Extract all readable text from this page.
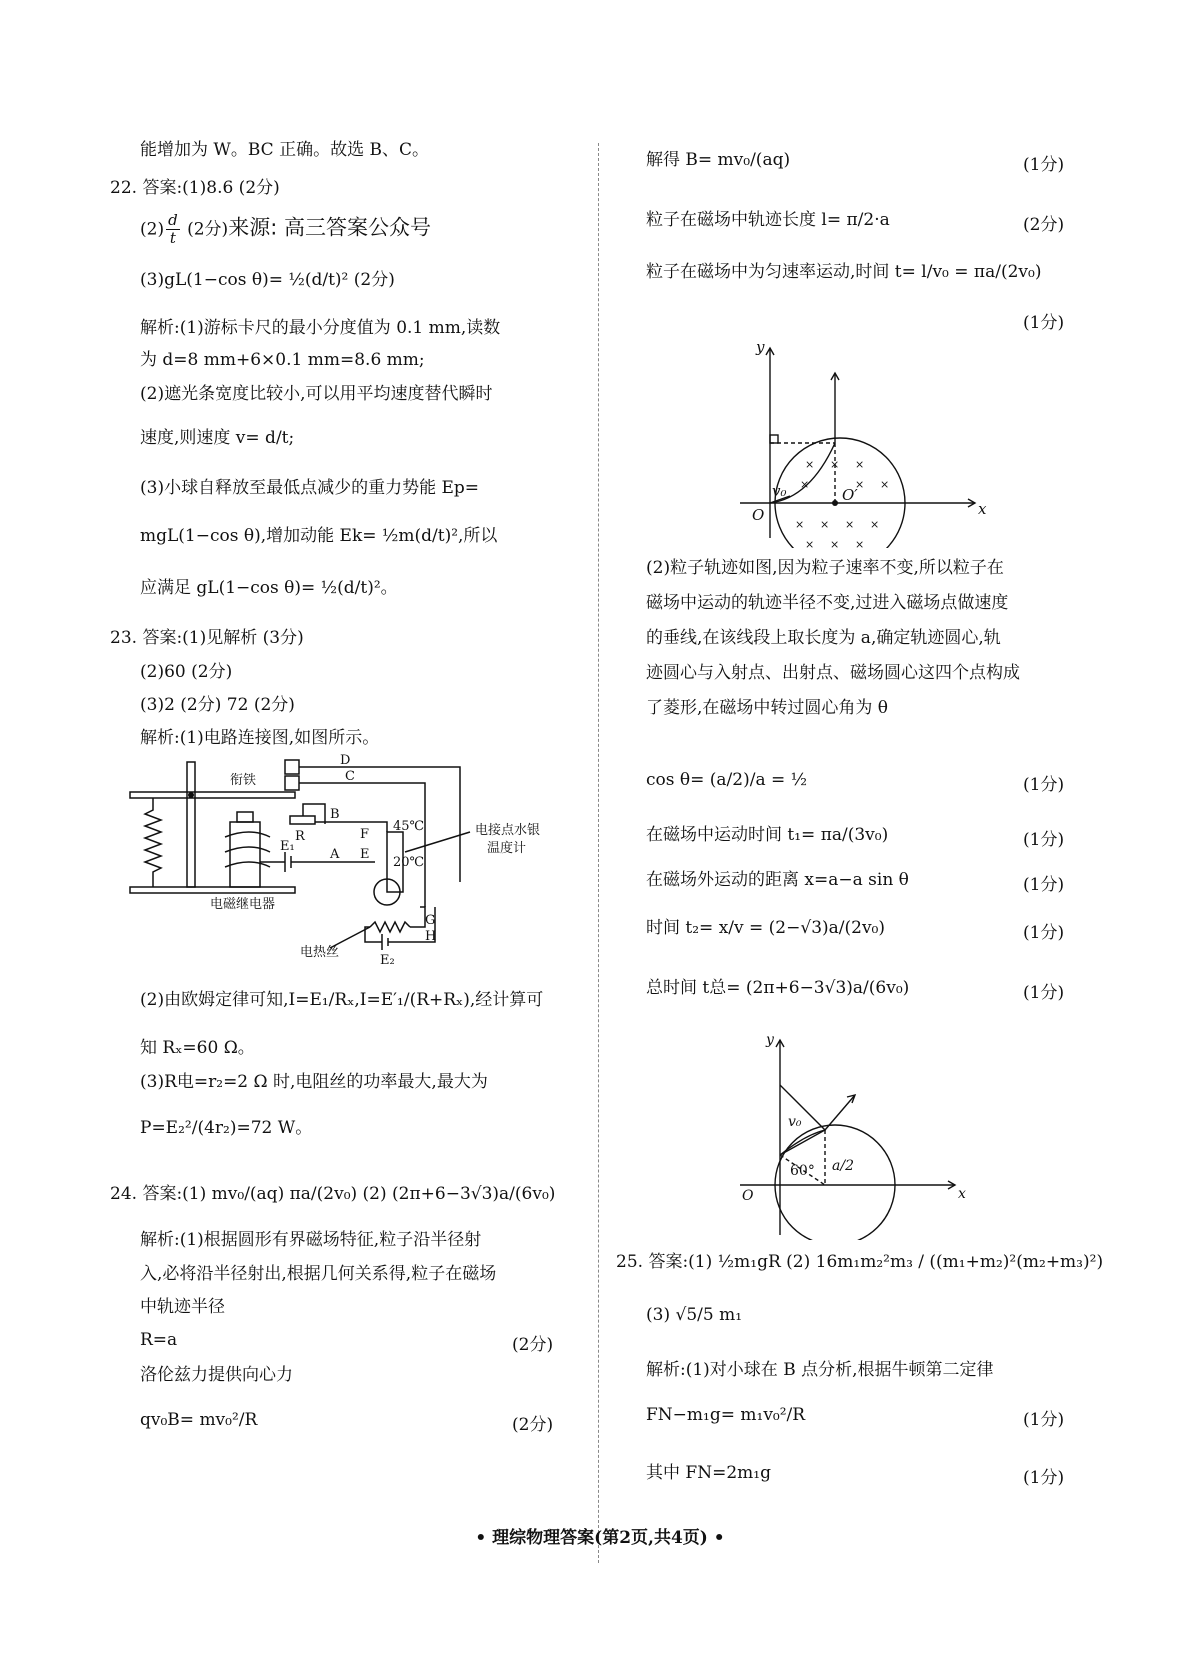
能增加为 W。BC 正确。故选 B、C。
22. 答案:(1)8.6 (2分)
$(2) \frac{d}{t} (2$分)来源: 高三答案公众号
(3)gL(1−cos θ)= ½(d/t)² (2分)
解析:(1)游标卡尺的最小分度值为 0.1 mm,读数
为 d=8 mm+6×0.1 mm=8.6 mm;
(2)遮光条宽度比较小,可以用平均速度替代瞬时
速度,则速度 v= d/t;
(3)小球自释放至最低点减少的重力势能 Ep=
mgL(1−cos θ),增加动能 Ek= ½m(d/t)²,所以
应满足 gL(1−cos θ)= ½(d/t)²。
23. 答案:(1)见解析 (3分)
(2)60 (2分)
(3)2 (2分) 72 (2分)
解析:(1)电路连接图,如图所示。
衔铁
D
C
B
R	F
45℃
E₁
A E
20℃
电接点水银
温度计
G
H
电磁继电器
电热丝
E₂
(2)由欧姆定律可知,I=E₁/Rₓ,I=E′₁/(R+Rₓ),经计算可
知 Rₓ=60 Ω。
(3)R电=r₂=2 Ω 时,电阻丝的功率最大,最大为
P=E₂²/(4r₂)=72 W。
24. 答案:(1) mv₀/(aq) πa/(2v₀) (2) (2π+6−3√3)a/(6v₀)
解析:(1)根据圆形有界磁场特征,粒子沿半径射
入,必将沿半径射出,根据几何关系得,粒子在磁场
中轨迹半径
R=a	(2分)
洛伦兹力提供向心力
qv₀B= mv₀²/R	(2分)
解得 B= mv₀/(aq)	(1分)
粒子在磁场中轨迹长度 l= π/2·a	(2分)
粒子在磁场中为匀速率运动,时间 t= l/v₀ = πa/(2v₀)
(1分)
× × ×
×	× ×
× × × ×
× × ×
y
x
O
O′
v₀
(2)粒子轨迹如图,因为粒子速率不变,所以粒子在
磁场中运动的轨迹半径不变,过进入磁场点做速度
的垂线,在该线段上取长度为 a,确定轨迹圆心,轨
迹圆心与入射点、出射点、磁场圆心这四个点构成
了菱形,在磁场中转过圆心角为 θ
cos θ= (a/2)/a = ½	(1分)
在磁场中运动时间 t₁= πa/(3v₀)	(1分)
在磁场外运动的距离 x=a−a sin θ	(1分)
时间 t₂= x/v = (2−√3)a/(2v₀)	(1分)
总时间 t总= (2π+6−3√3)a/(6v₀)	(1分)
y
x
O
v₀
60° a/2
25. 答案:(1) ½m₁gR (2) 16m₁m₂²m₃ / ((m₁+m₂)²(m₂+m₃)²)
(3) √5/5 m₁
解析:(1)对小球在 B 点分析,根据牛顿第二定律
FN−m₁g= m₁v₀²/R	(1分)
其中 FN=2m₁g	(1分)
• 理综物理答案(第2页,共4页) •
